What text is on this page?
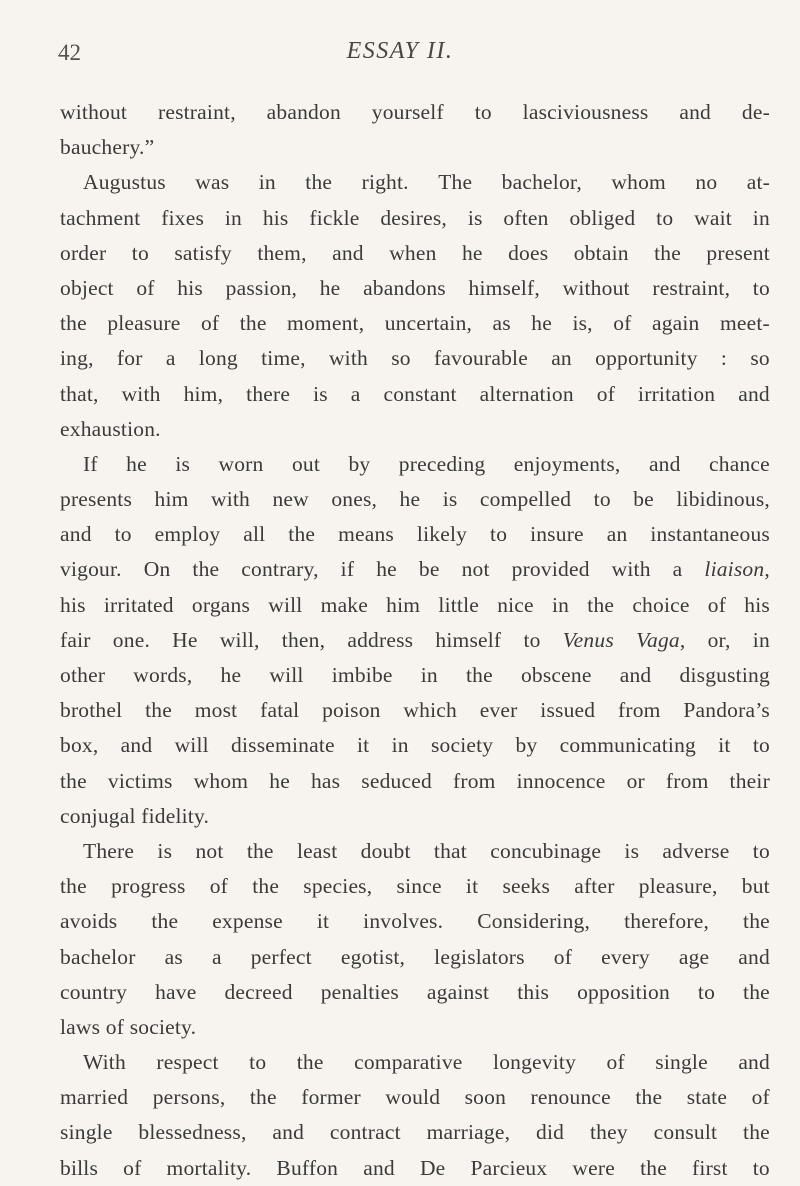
42	ESSAY II.
without restraint, abandon yourself to lasciviousness and de-
bauchery.”

Augustus was in the right. The bachelor, whom no at-
tachment fixes in his fickle desires, is often obliged to wait in
order to satisfy them, and when he does obtain the present
object of his passion, he abandons himself, without restraint, to
the pleasure of the moment, uncertain, as he is, of again meet-
ing, for a long time, with so favourable an opportunity : so
that, with him, there is a constant alternation of irritation and
exhaustion.

If he is worn out by preceding enjoyments, and chance
presents him with new ones, he is compelled to be libidinous,
and to employ all the means likely to insure an instantaneous
vigour. On the contrary, if he be not provided with a liaison,
his irritated organs will make him little nice in the choice of his
fair one. He will, then, address himself to Venus Vaga, or, in
other words, he will imbibe in the obscene and disgusting
brothel the most fatal poison which ever issued from Pandora’s
box, and will disseminate it in society by communicating it to
the victims whom he has seduced from innocence or from their
conjugal
fidelity.

There is not the least doubt that concubinage is adverse to
the progress of the species, since it seeks after pleasure, but
avoids the expense it involves. Considering, therefore, the
bachelor as a perfect egotist, legislators of every age and
country have decreed penalties against this opposition to the
laws
of
society.

With respect to the comparative longevity of single and
married persons, the former would soon renounce the state of
single blessedness, and contract marriage, did they consult the
bills of mortality. Buffon and De Parcieux were the first to
